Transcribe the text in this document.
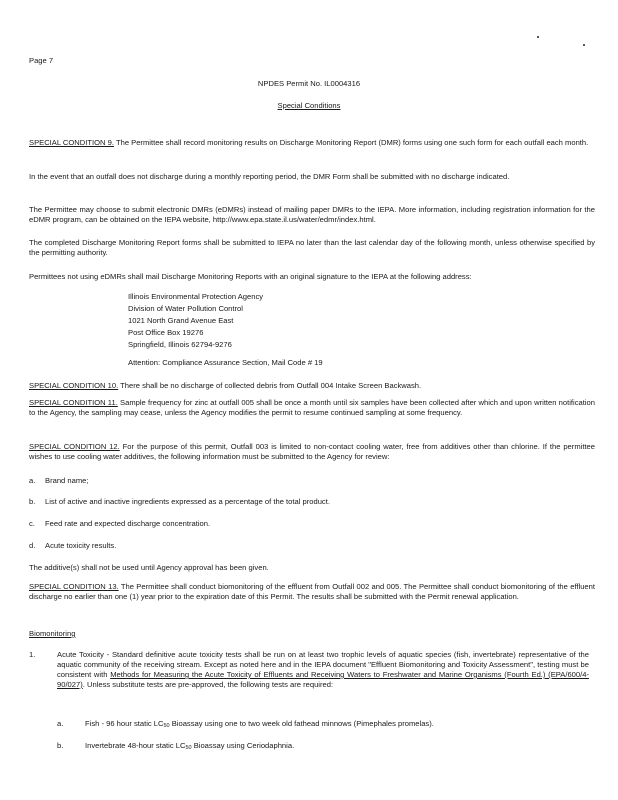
Page 7
NPDES Permit No. IL0004316
Special Conditions
SPECIAL CONDITION 9. The Permittee shall record monitoring results on Discharge Monitoring Report (DMR) forms using one such form for each outfall each month.
In the event that an outfall does not discharge during a monthly reporting period, the DMR Form shall be submitted with no discharge indicated.
The Permittee may choose to submit electronic DMRs (eDMRs) instead of mailing paper DMRs to the IEPA. More information, including registration information for the eDMR program, can be obtained on the IEPA website, http://www.epa.state.il.us/water/edmr/index.html.
The completed Discharge Monitoring Report forms shall be submitted to IEPA no later than the last calendar day of the following month, unless otherwise specified by the permitting authority.
Permittees not using eDMRs shall mail Discharge Monitoring Reports with an original signature to the IEPA at the following address:
Illinois Environmental Protection Agency
Division of Water Pollution Control
1021 North Grand Avenue East
Post Office Box 19276
Springfield, Illinois 62794-9276
Attention: Compliance Assurance Section, Mail Code # 19
SPECIAL CONDITION 10. There shall be no discharge of collected debris from Outfall 004 Intake Screen Backwash.
SPECIAL CONDITION 11. Sample frequency for zinc at outfall 005 shall be once a month until six samples have been collected after which and upon written notification to the Agency, the sampling may cease, unless the Agency modifies the permit to resume continued sampling at some frequency.
SPECIAL CONDITION 12. For the purpose of this permit, Outfall 003 is limited to non-contact cooling water, free from additives other than chlorine. If the permittee wishes to use cooling water additives, the following information must be submitted to the Agency for review:
a. Brand name;
b. List of active and inactive ingredients expressed as a percentage of the total product.
c. Feed rate and expected discharge concentration.
d. Acute toxicity results.
The additive(s) shall not be used until Agency approval has been given.
SPECIAL CONDITION 13. The Permittee shall conduct biomonitoring of the effluent from Outfall 002 and 005. The Permittee shall conduct biomonitoring of the effluent discharge no earlier than one (1) year prior to the expiration date of this Permit. The results shall be submitted with the Permit renewal application.
Biomonitoring
1.	Acute Toxicity - Standard definitive acute toxicity tests shall be run on at least two trophic levels of aquatic species (fish, invertebrate) representative of the aquatic community of the receiving stream. Except as noted here and in the IEPA document "Effluent Biomonitoring and Toxicity Assessment", testing must be consistent with Methods for Measuring the Acute Toxicity of Effluents and Receiving Waters to Freshwater and Marine Organisms (Fourth Ed.) (EPA/600/4-90/027). Unless substitute tests are pre-approved, the following tests are required:
a.	Fish - 96 hour static LC50 Bioassay using one to two week old fathead minnows (Pimephales promelas).
b.	Invertebrate 48-hour static LC50 Bioassay using Ceriodaphnia.
